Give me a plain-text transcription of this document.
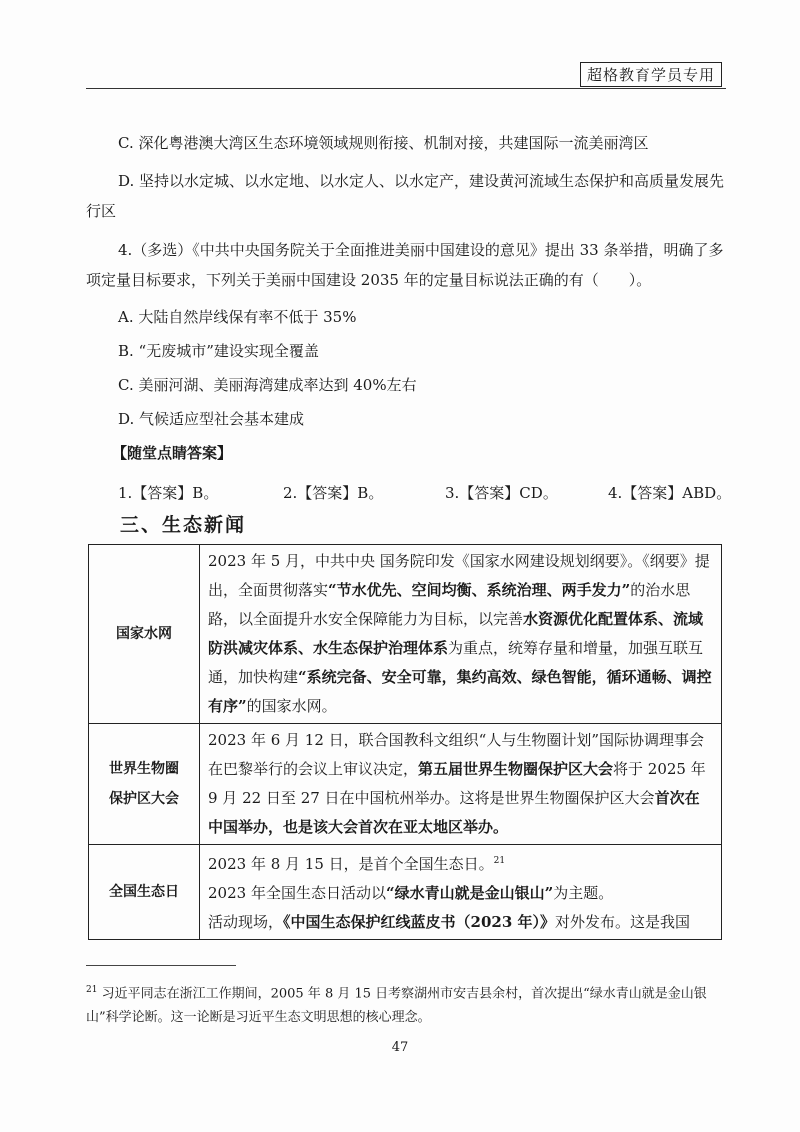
超格教育学员专用
C. 深化粤港澳大湾区生态环境领域规则衔接、机制对接，共建国际一流美丽湾区
D. 坚持以水定城、以水定地、以水定人、以水定产，建设黄河流域生态保护和高质量发展先行区
4.（多选）《中共中央国务院关于全面推进美丽中国建设的意见》提出 33 条举措，明确了多项定量目标要求，下列关于美丽中国建设 2035 年的定量目标说法正确的有（　　）。
A. 大陆自然岸线保有率不低于 35%
B. “无废城市”建设实现全覆盖
C. 美丽河湖、美丽海湾建成率达到 40%左右
D. 气候适应型社会基本建成
【随堂点睛答案】
1.【答案】B。	2.【答案】B。	3.【答案】CD。	4.【答案】ABD。
三、生态新闻
国家水网	2023 年 5 月，中共中央 国务院印发《国家水网建设规划纲要》。《纲要》提出，全面贯彻落实“节水优先、空间均衡、系统治理、两手发力”的治水思路，以全面提升水安全保障能力为目标，以完善水资源优化配置体系、流域防洪减灾体系、水生态保护治理体系为重点，统筹存量和增量，加强互联互通，加快构建“系统完备、安全可靠，集约高效、绿色智能，循环通畅、调控有序”的国家水网。

世界生物圈
保护区大会	2023 年 6 月 12 日，联合国教科文组织“人与生物圈计划”国际协调理事会在巴黎举行的会议上审议决定，第五届世界生物圈保护区大会将于 2025 年 9 月 22 日至 27 日在中国杭州举办。这将是世界生物圈保护区大会首次在中国举办，也是该大会首次在亚太地区举办。
全国生态日	2023 年 8 月 15 日，是首个全国生态日。$^{21}$
2023 年全国生态日活动以“绿水青山就是金山银山”为主题。
活动现场，《中国生态保护红线蓝皮书（2023 年）》对外发布。这是我国
$^{21}$ 习近平同志在浙江工作期间，2005 年 8 月 15 日考察湖州市安吉县余村，首次提出“绿水青山就是金山银山”科学论断。这一论断是习近平生态文明思想的核心理念。
47
